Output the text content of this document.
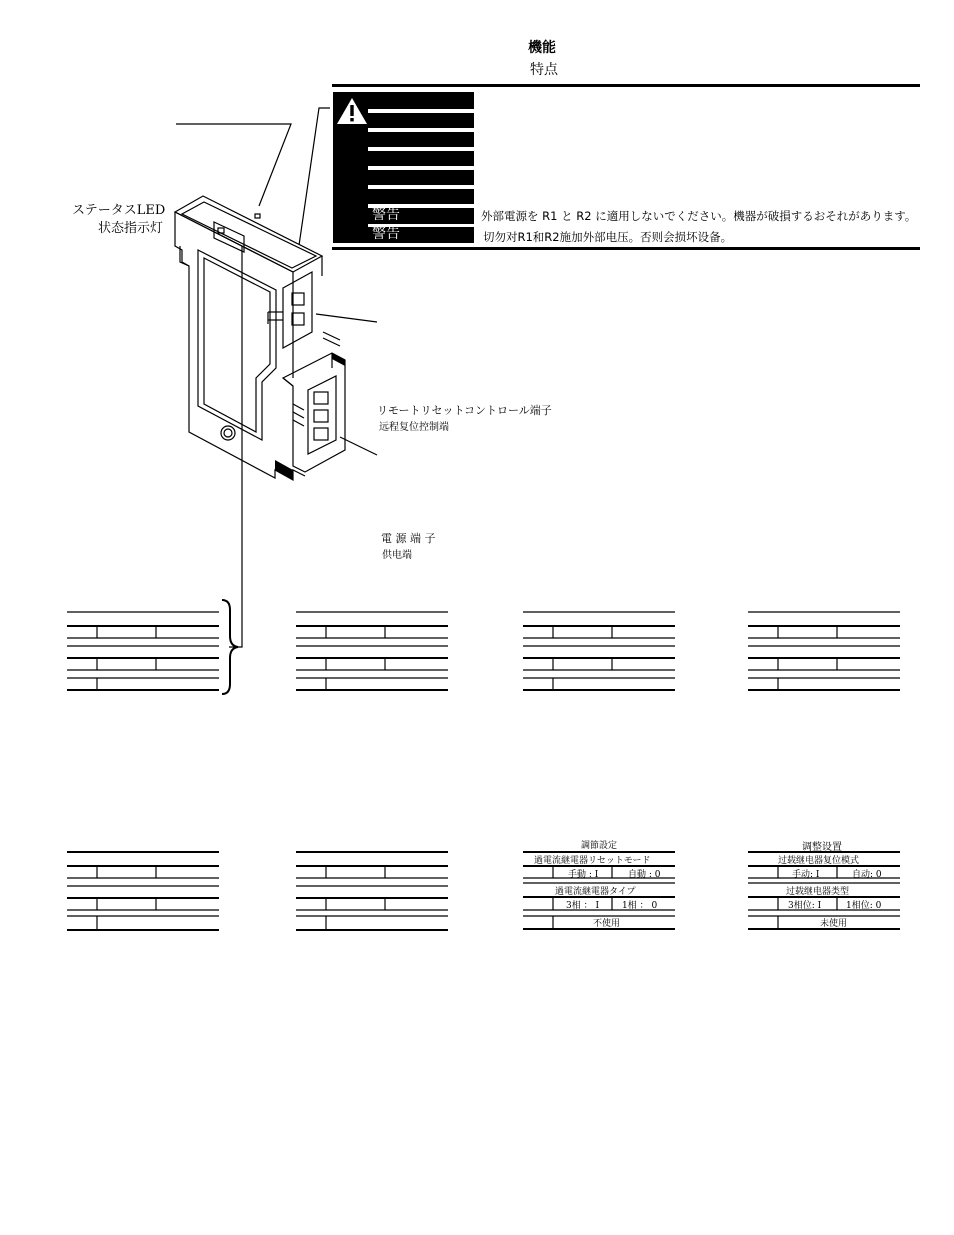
機能
特点
警告
警告
外部電源を R1 と R2 に適用しないでください。機器が破損するおそれがあります。
切勿对R1和R2施加外部电压。否则会损坏设备。
ステータスLED
状态指示灯
リモートリセットコントロール端子
远程复位控制端
電 源 端 子
供电端
調節設定
過電流継電器リセットモード
手動 : I	自動 : 0
過電流継電器タイプ
3相 ： I	1相 ： 0
不使用
调整设置
过载继电器复位模式
手动: I	自动: 0
过载继电器类型
3相位: I	1相位: 0
未使用
